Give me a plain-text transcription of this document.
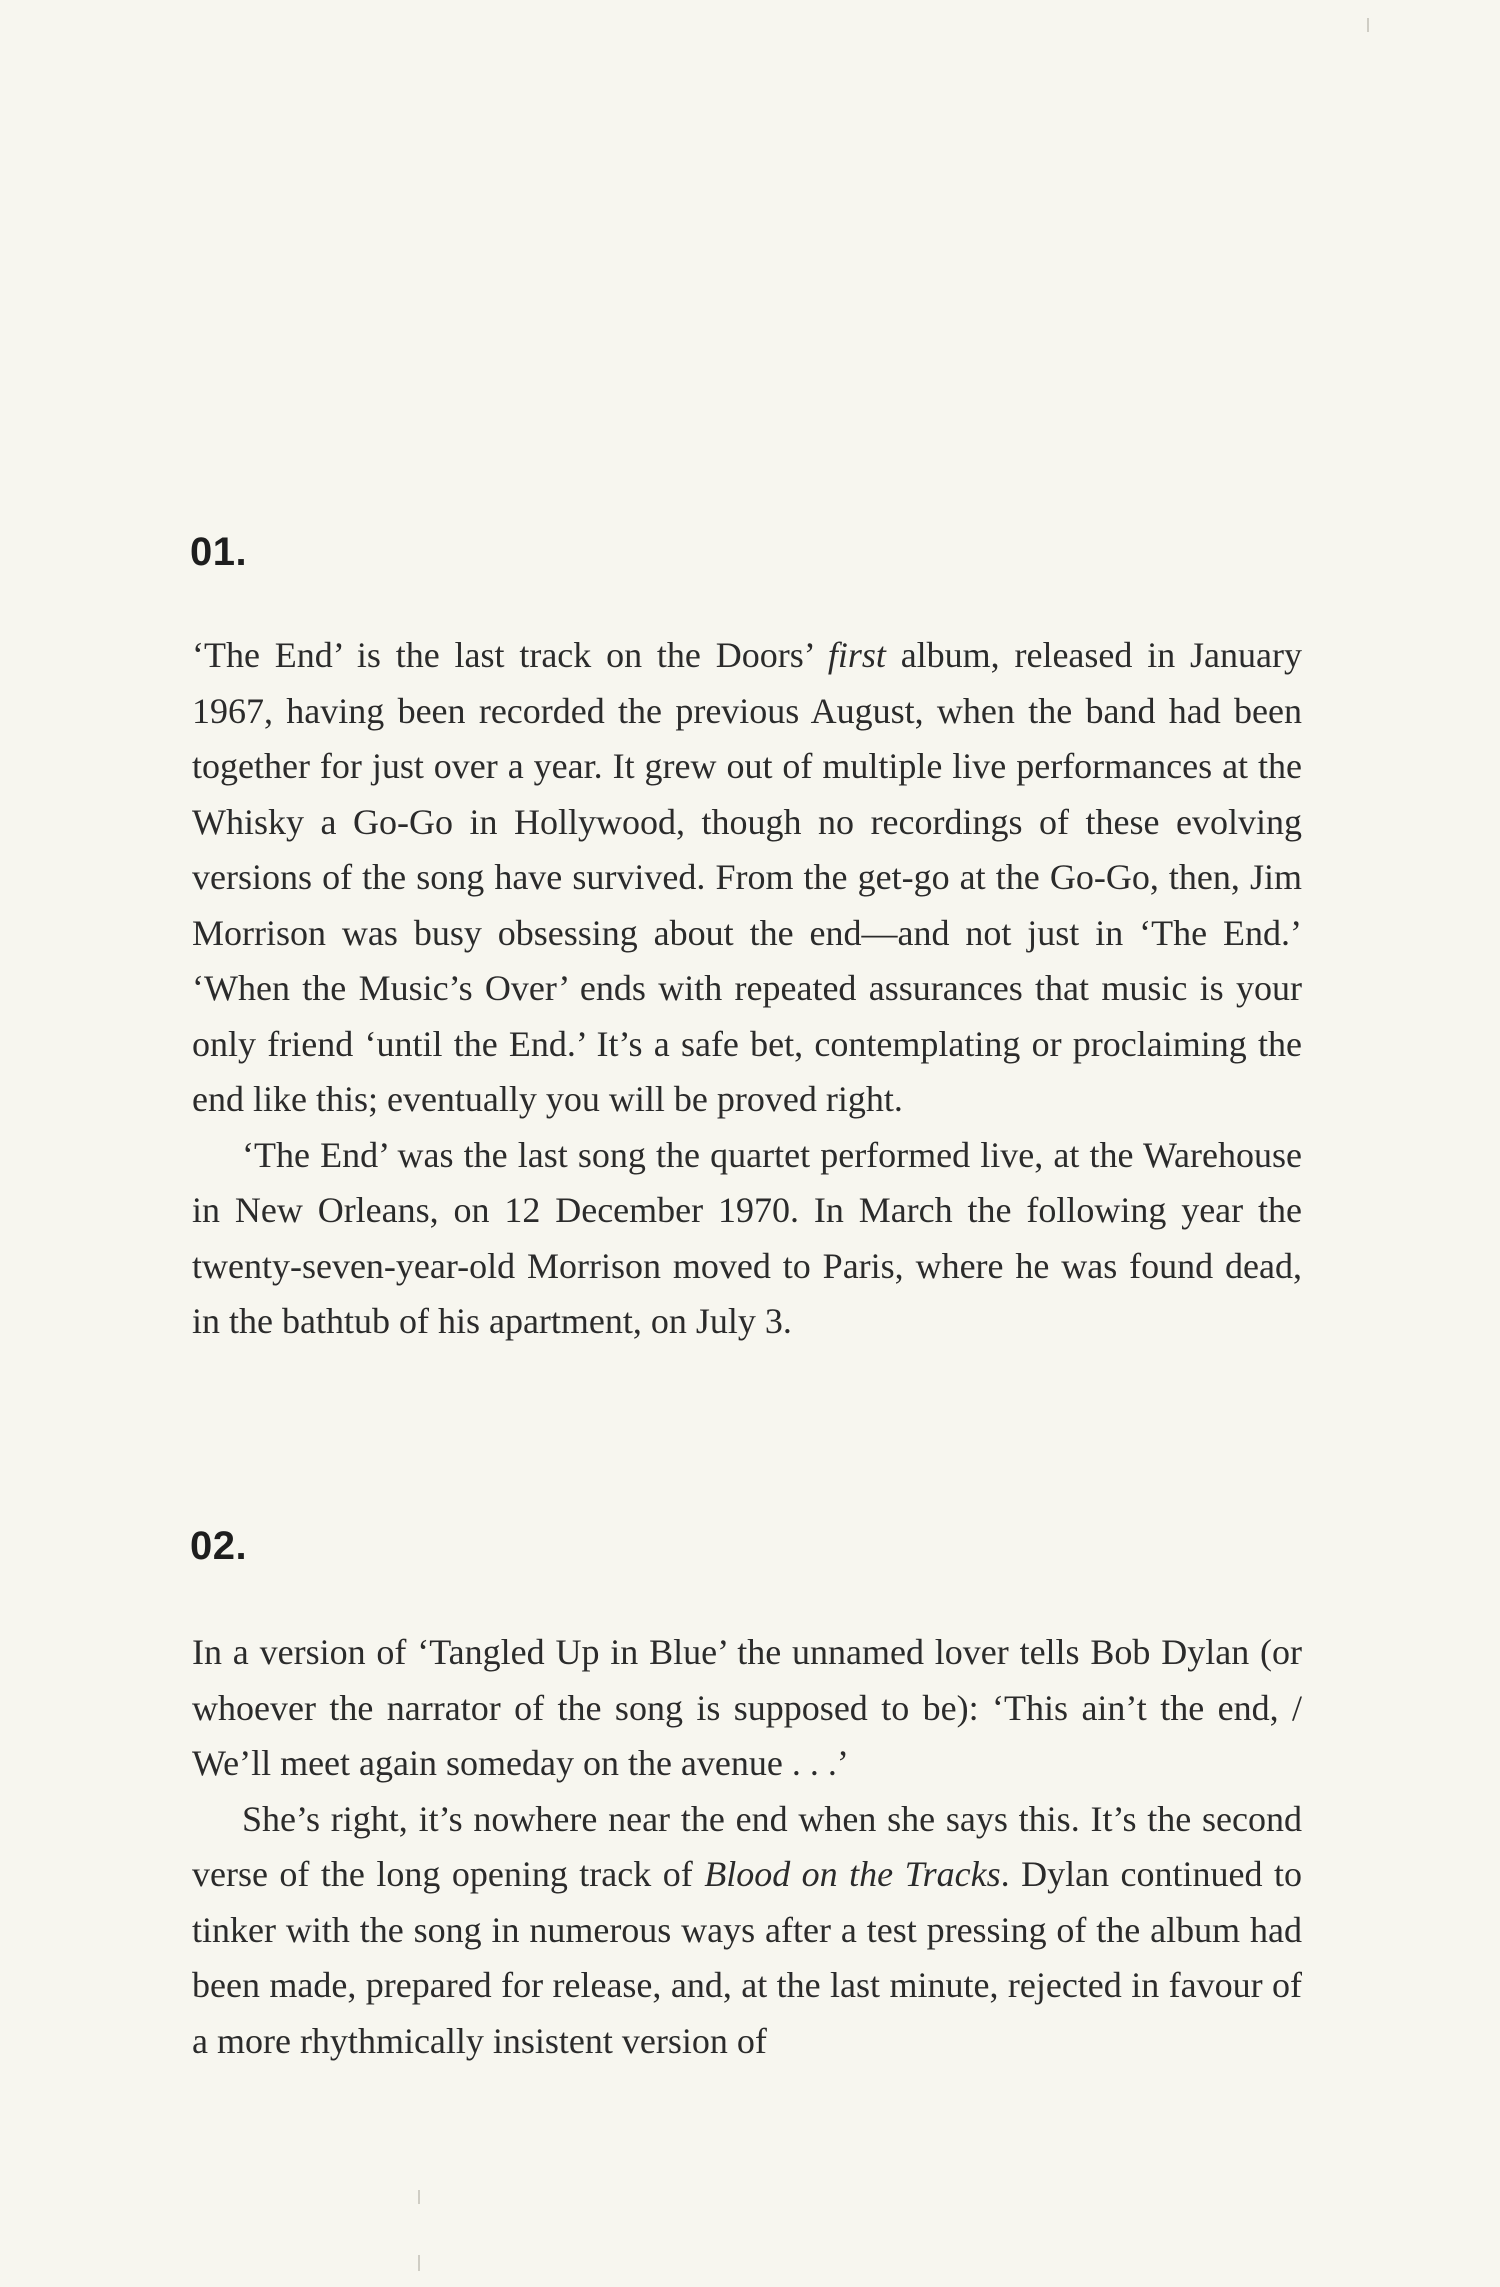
01.

‘The End’ is the last track on the Doors’ first album, released in January 1967, having been recorded the previous August, when the band had been together for just over a year. It grew out of multiple live performances at the Whisky a Go-Go in Hollywood, though no recordings of these evolving versions of the song have survived. From the get-go at the Go-Go, then, Jim Morrison was busy obsessing about the end—and not just in ‘The End.’ ‘When the Music’s Over’ ends with repeated assurances that music is your only friend ‘until the End.’ It’s a safe bet, contemplating or proclaiming the end like this; eventually you will be proved right.

‘The End’ was the last song the quartet performed live, at the Warehouse in New Orleans, on 12 December 1970. In March the following year the twenty-seven-year-old Morrison moved to Paris, where he was found dead, in the bathtub of his apartment, on July 3.

02.

In a version of ‘Tangled Up in Blue’ the unnamed lover tells Bob Dylan (or whoever the narrator of the song is supposed to be): ‘This ain’t the end, / We’ll meet again someday on the avenue . . .’

She’s right, it’s nowhere near the end when she says this. It’s the second verse of the long opening track of Blood on the Tracks. Dylan continued to tinker with the song in numerous ways after a test pressing of the album had been made, prepared for release, and, at the last minute, rejected in favour of a more rhythmically insistent version of
